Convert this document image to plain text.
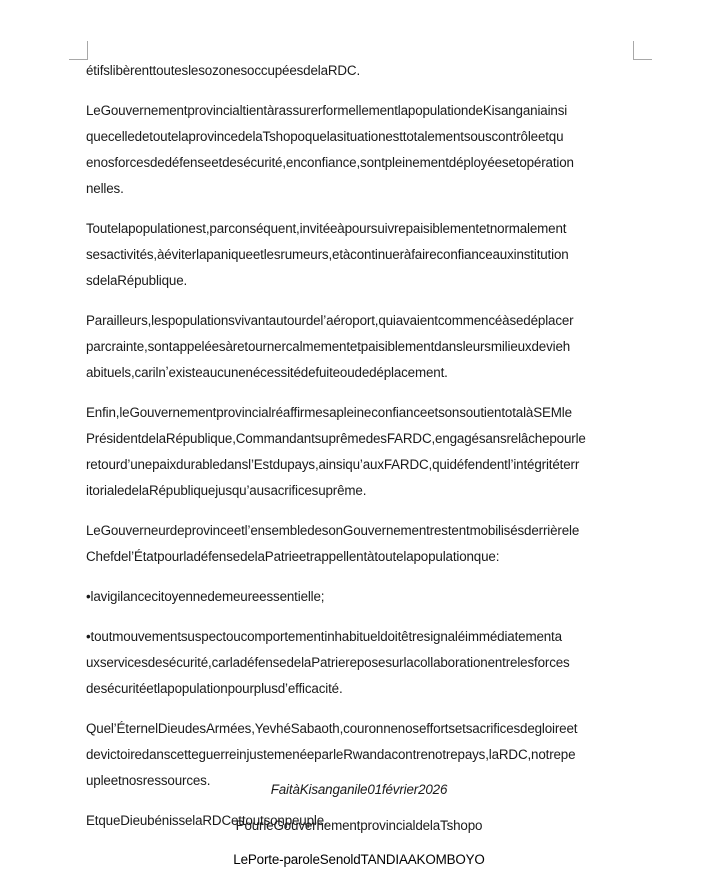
étifslibèrenttouteslesozonesoccupéesdelaRDC.

LeGouvernementprovincialtientàrassurerformellementlapopulationdeKisanganiainsi
quecelledetoutelaprovincedelaTshopoquelasituationesttotalementsouscontrôleetqu
enosforcesdedéfenseetdesécurité,enconfiance,sontpleinementdéployéesetopération
nelles.

Toutelapopulationest,parconséquent,invitéeàpoursuivrepaisiblementetnormalement
sesactivités,àéviterlapaniqueetlesrumeurs,etàcontinueràfaireconfianceauxinstitution
sdelaRépublique.

Parailleurs,lespopulationsvivantautourdel’aéroport,quiavaientcommencéàsedéplacer
parcrainte,sontappeléesàretournercalmementetpaisiblementdansleursmilieuxdevieh
abituels,carilnʼexisteaucunenécessitédefuiteoudedéplacement.

Enfin,leGouvernementprovincialréaffirmesapleineconfianceetsonsoutientotalàSEMle
PrésidentdelaRépublique,CommandantsuprêmedesFARDC,engagésansrelâchepourle
retourd’unepaixdurabledansl’Estdupays,ainsiqu’auxFARDC,quidéfendentl’intégritéterr
itorialedelaRépubliquejusqu’ausacrificesuprême.

LeGouverneurdeprovinceetl’ensembledesonGouvernementrestentmobilisésderrièrele
Chefdel’ÉtatpourladéfensedelaPatrieetrappellentàtoutelapopulationque:

•lavigilancecitoyennedemeureessentielle;

•toutmouvementsuspectoucomportementinhabitueldoitêtresignaléimmédiatementa
uxservicesdesécurité,carladéfensedelaPatriereposesurlacollaborationentrelesforces
desécuritéetlapopulationpourplusd’efficacité.

Quel’ÉternelDieudesArmées,YevhéSabaoth,couronnenoseffortsetsacrificesdegloireet
devictoiredanscetteguerreinjustemenéeparleRwandacontrenotrepays,laRDC,notrepe
upleetnosressources.

EtqueDieubénisselaRDCettoutsonpeuple.

FaitàKisanganile01février2026
PourleGouvernementprovincialdelaTshopo
LePorte-paroleSenoldTANDIAAKOMBOYO
